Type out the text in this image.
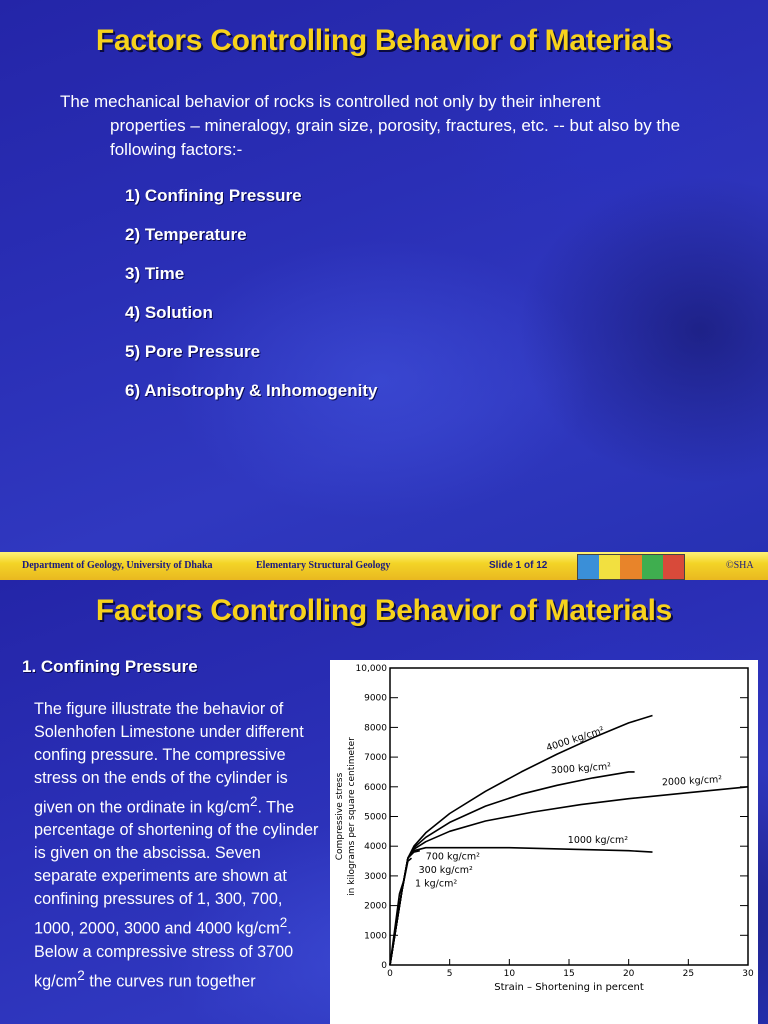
Factors Controlling Behavior of Materials

The mechanical behavior of rocks is controlled not only by their inherent
properties – mineralogy, grain size, porosity, fractures, etc. -- but also by the following factors:-

1) Confining Pressure
2) Temperature
3) Time
4) Solution
5) Pore Pressure
6) Anisotrophy & Inhomogenity
Department of Geology, University of Dhaka	Elementary Structural Geology	Slide 1 of 12	©SHA
Factors Controlling Behavior of Materials
1. Confining Pressure

The figure illustrate the behavior of Solenhofen Limestone under different confing pressure. The compressive stress on the ends of the cylinder is given on the ordinate in $kg/cm^2$. The percentage of shortening of the cylinder is given on the abscissa. Seven separate experiments are shown at confining pressures of 1, 300, 700, 1000, 2000, 3000 and 4000 $kg/cm^2$. Below a compressive stress of 3700 $kg/cm^2$ the curves run together

0
1000
2000
3000
4000
5000
6000
7000
8000
9000
10,000
0	5	10	15	20	25	30
Strain – Shortening in percent
Compressive stress in kilograms per square centimeter	4000 kg/cm²
3000 kg/cm²
2000 kg/cm²
1000 kg/cm²
700 kg/cm²
300 kg/cm²
1 kg/cm²
